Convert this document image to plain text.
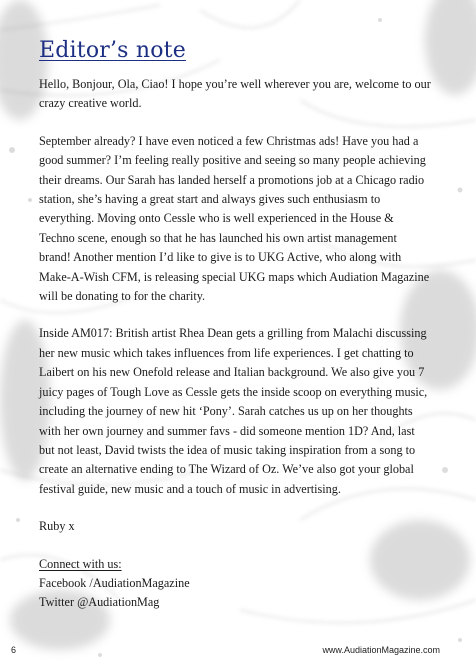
Editor’s note

Hello, Bonjour, Ola, Ciao! I hope you’re well wherever you are, welcome to our crazy creative world.

September already? I have even noticed a few Christmas ads! Have you had a good summer? I’m feeling really positive and seeing so many people achieving their dreams. Our Sarah has landed herself a promotions job at a Chicago radio station, she’s having a great start and always gives such enthusiasm to everything. Moving onto Cessle who is well experienced in the House & Techno scene, enough so that he has launched his own artist management brand! Another mention I’d like to give is to UKG Active, who along with Make-A-Wish CFM, is releasing special UKG maps which Audiation Magazine will be donating to for the charity.

Inside AM017: British artist Rhea Dean gets a grilling from Malachi discussing her new music which takes influences from life experiences. I get chatting to Laibert on his new Onefold release and Italian background. We also give you 7 juicy pages of Tough Love as Cessle gets the inside scoop on everything music, including the journey of new hit ‘Pony’. Sarah catches us up on her thoughts with her own journey and summer favs - did someone mention 1D? And, last but not least, David twists the idea of music taking inspiration from a song to create an alternative ending to The Wizard of Oz. We’ve also got your global festival guide, new music and a touch of music in advertising.

Ruby x

Connect with us:
Facebook /AudiationMagazine
Twitter @AudiationMag
6	www.AudiationMagazine.com
